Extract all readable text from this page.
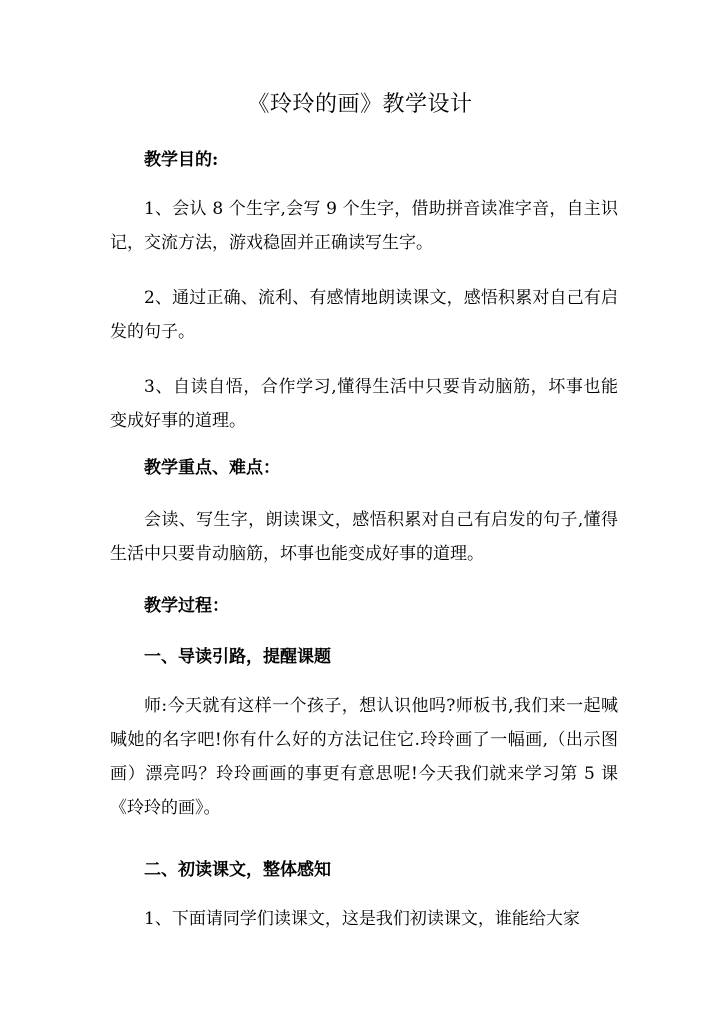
《玲玲的画》教学设计
教学目的:
1、会认 8 个生字,会写 9 个生字，借助拼音读准字音，自主识记，交流方法，游戏稳固并正确读写生字。
2、通过正确、流利、有感情地朗读课文，感悟积累对自己有启发的句子。
3、自读自悟，合作学习,懂得生活中只要肯动脑筋，坏事也能变成好事的道理。
教学重点、难点：
会读、写生字，朗读课文，感悟积累对自己有启发的句子,懂得生活中只要肯动脑筋，坏事也能变成好事的道理。
教学过程：
一、导读引路，提醒课题
师:今天就有这样一个孩子，想认识他吗?师板书,我们来一起喊喊她的名字吧!你有什么好的方法记住它.玲玲画了一幅画,（出示图画）漂亮吗？玲玲画画的事更有意思呢!今天我们就来学习第 5 课《玲玲的画》。
二、初读课文，整体感知
1、下面请同学们读课文，这是我们初读课文，谁能给大家
